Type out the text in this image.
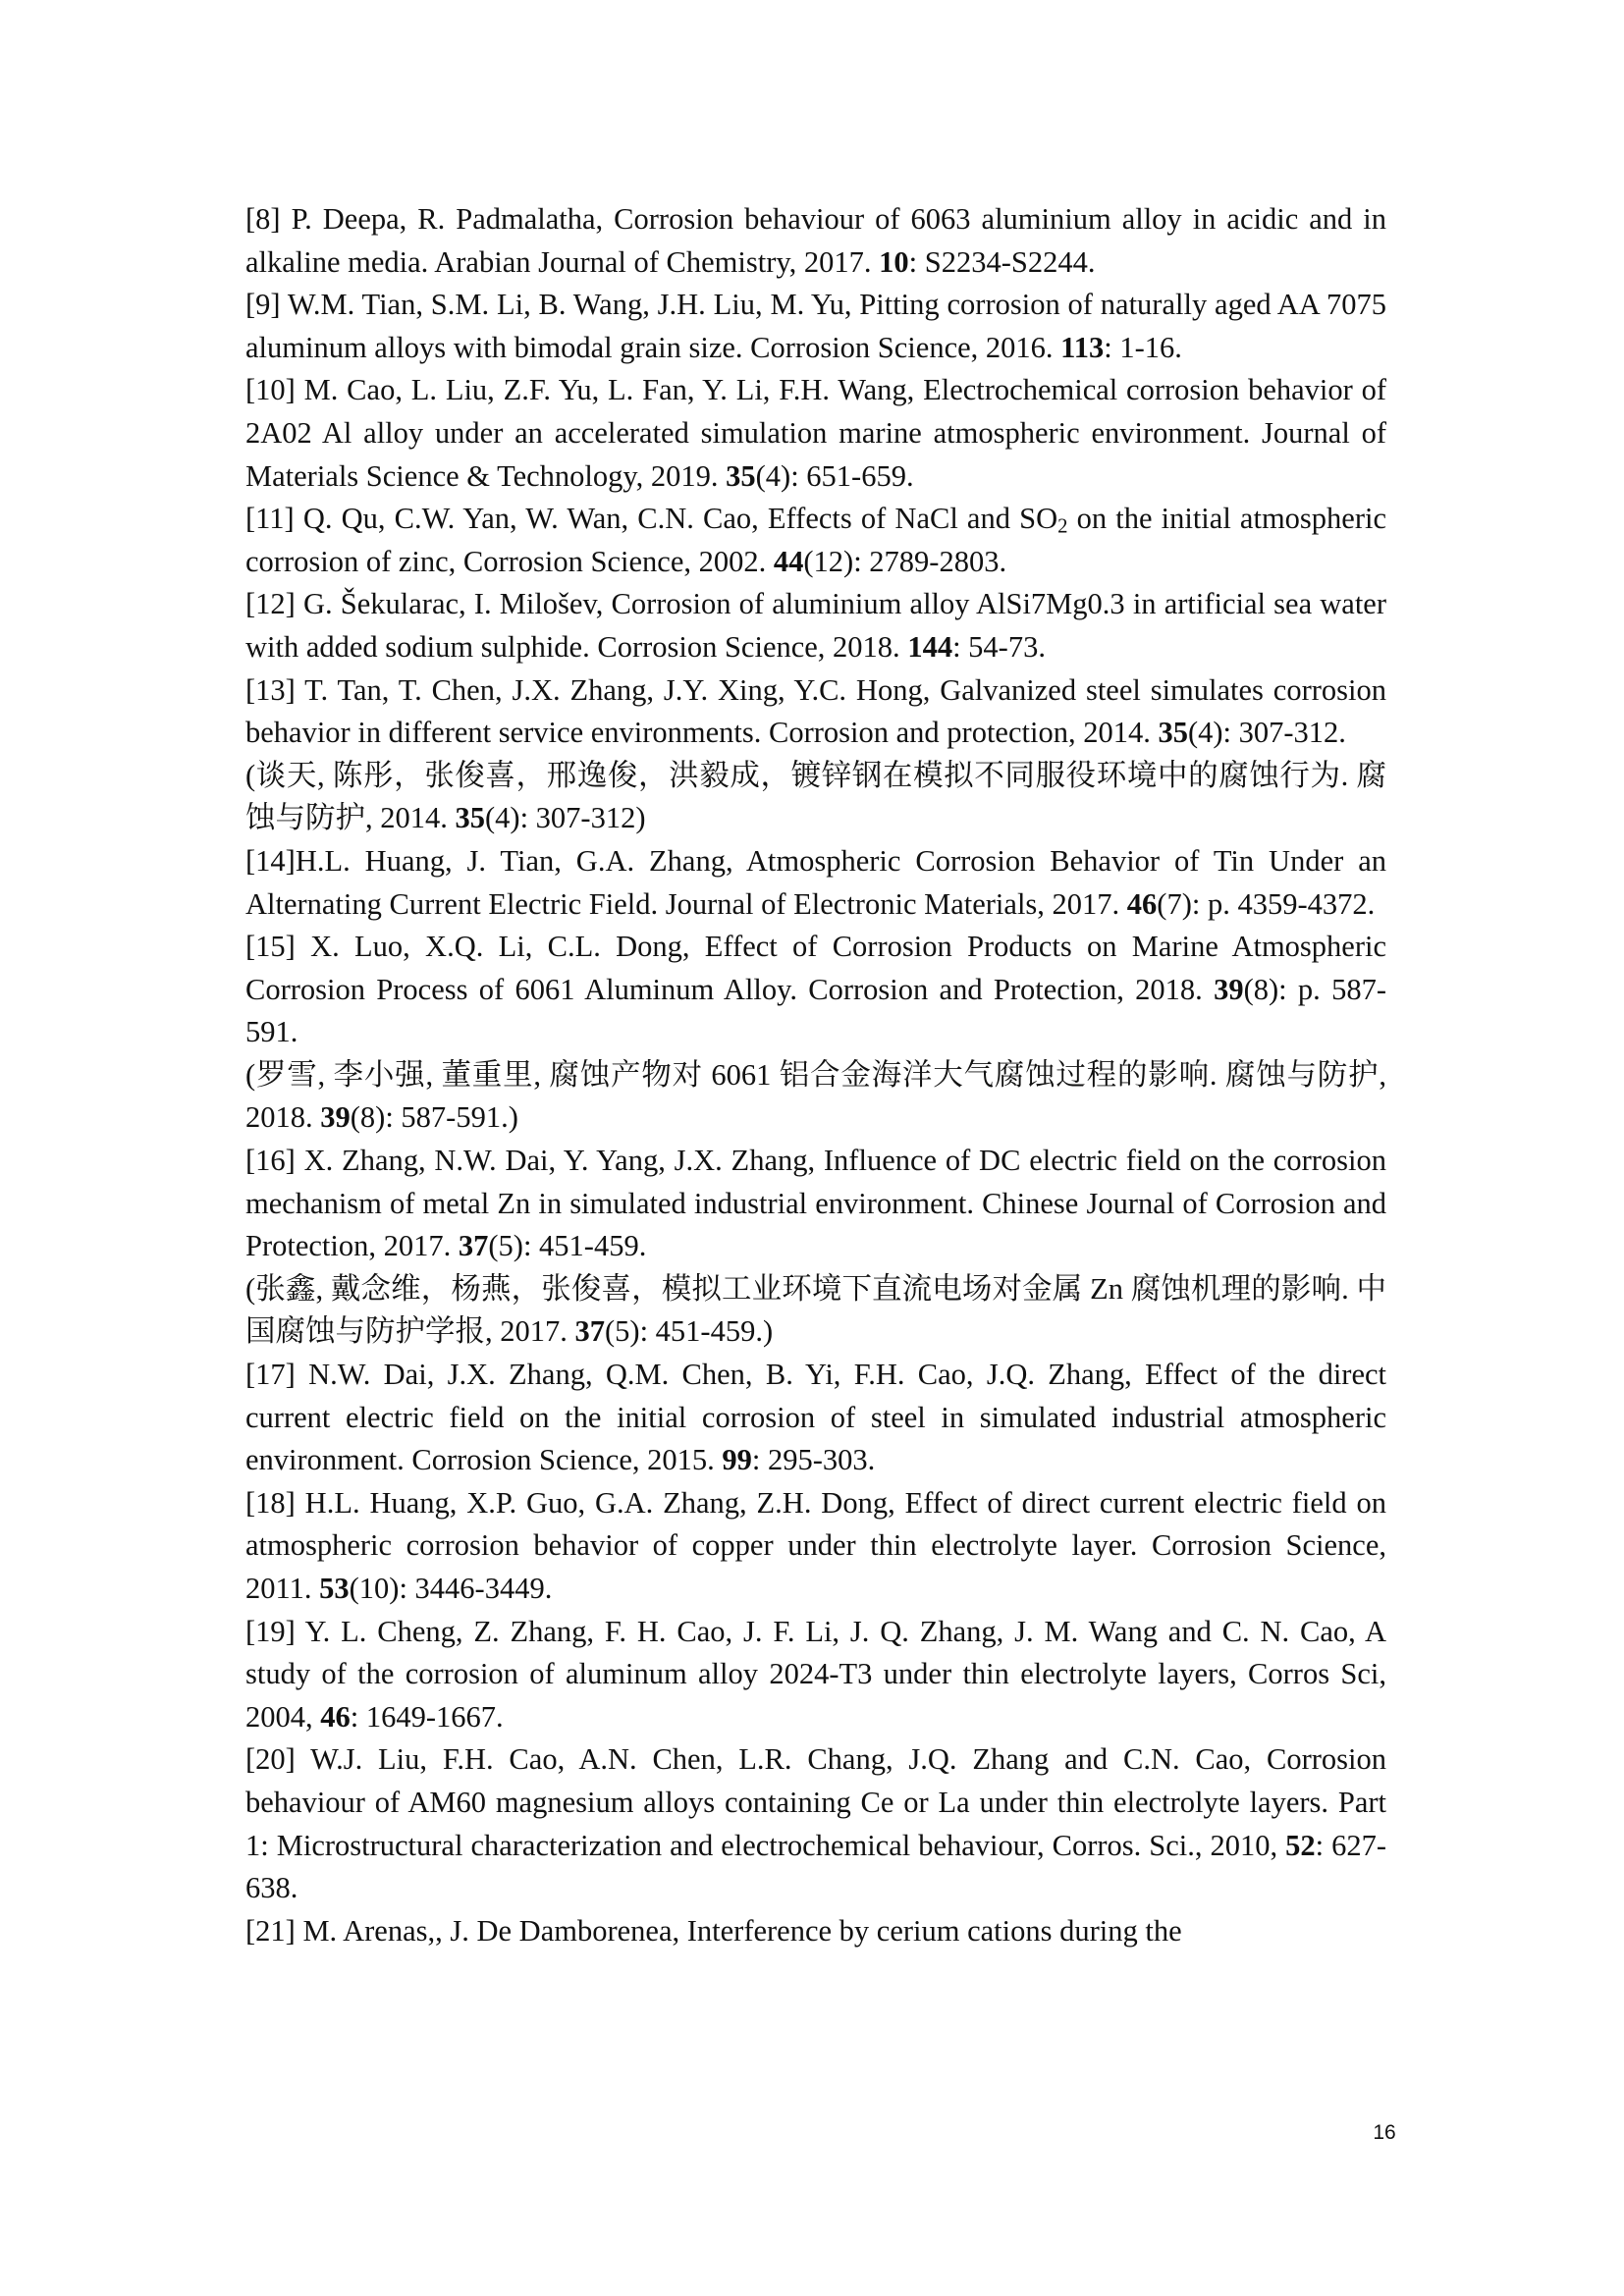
[8] P. Deepa, R. Padmalatha, Corrosion behaviour of 6063 aluminium alloy in acidic and in alkaline media. Arabian Journal of Chemistry, 2017. 10: S2234-S2244.

[9] W.M. Tian, S.M. Li, B. Wang, J.H. Liu, M. Yu, Pitting corrosion of naturally aged AA 7075 aluminum alloys with bimodal grain size. Corrosion Science, 2016. 113: 1-16.

[10] M. Cao, L. Liu, Z.F. Yu, L. Fan, Y. Li, F.H. Wang, Electrochemical corrosion behavior of 2A02 Al alloy under an accelerated simulation marine atmospheric environment. Journal of Materials Science & Technology, 2019. 35(4): 651-659.

[11] Q. Qu, C.W. Yan, W. Wan, C.N. Cao, Effects of NaCl and $SO_2$ on the initial atmospheric corrosion of zinc, Corrosion Science, 2002. 44(12): 2789-2803.

[12] G. Šekularac, I. Milošev, Corrosion of aluminium alloy AlSi7Mg0.3 in artificial sea water with added sodium sulphide. Corrosion Science, 2018. 144: 54-73.

[13] T. Tan, T. Chen, J.X. Zhang, J.Y. Xing, Y.C. Hong, Galvanized steel simulates corrosion behavior in different service environments. Corrosion and protection, 2014. 35(4): 307-312.

(谈天, 陈彤，张俊喜，邢逸俊，洪毅成，镀锌钢在模拟不同服役环境中的腐蚀行为. 腐蚀与防护, 2014. 35(4): 307-312)

[14]H.L. Huang, J. Tian, G.A. Zhang, Atmospheric Corrosion Behavior of Tin Under an Alternating Current Electric Field. Journal of Electronic Materials, 2017. 46(7): p. 4359-4372.

[15] X. Luo, X.Q. Li, C.L. Dong, Effect of Corrosion Products on Marine Atmospheric Corrosion Process of 6061 Aluminum Alloy. Corrosion and Protection, 2018. 39(8): p. 587-591.

(罗雪, 李小强, 董重里, 腐蚀产物对 6061 铝合金海洋大气腐蚀过程的影响. 腐蚀与防护, 2018. 39(8): 587-591.)

[16] X. Zhang, N.W. Dai, Y. Yang, J.X. Zhang, Influence of DC electric field on the corrosion mechanism of metal Zn in simulated industrial environment. Chinese Journal of Corrosion and Protection, 2017. 37(5): 451-459.

(张鑫, 戴念维，杨燕，张俊喜，模拟工业环境下直流电场对金属 Zn 腐蚀机理的影响. 中国腐蚀与防护学报, 2017. 37(5): 451-459.)

[17] N.W. Dai, J.X. Zhang, Q.M. Chen, B. Yi, F.H. Cao, J.Q. Zhang, Effect of the direct current electric field on the initial corrosion of steel in simulated industrial atmospheric environment. Corrosion Science, 2015. 99: 295-303.

[18] H.L. Huang, X.P. Guo, G.A. Zhang, Z.H. Dong, Effect of direct current electric field on atmospheric corrosion behavior of copper under thin electrolyte layer. Corrosion Science, 2011. 53(10): 3446-3449.

[19] Y. L. Cheng, Z. Zhang, F. H. Cao, J. F. Li, J. Q. Zhang, J. M. Wang and C. N. Cao, A study of the corrosion of aluminum alloy 2024-T3 under thin electrolyte layers, Corros Sci, 2004, 46: 1649-1667.

[20] W.J. Liu, F.H. Cao, A.N. Chen, L.R. Chang, J.Q. Zhang and C.N. Cao, Corrosion behaviour of AM60 magnesium alloys containing Ce or La under thin electrolyte layers. Part 1: Microstructural characterization and electrochemical behaviour, Corros. Sci., 2010, 52: 627-638.

[21] M. Arenas,, J. De Damborenea, Interference by cerium cations during the

16
